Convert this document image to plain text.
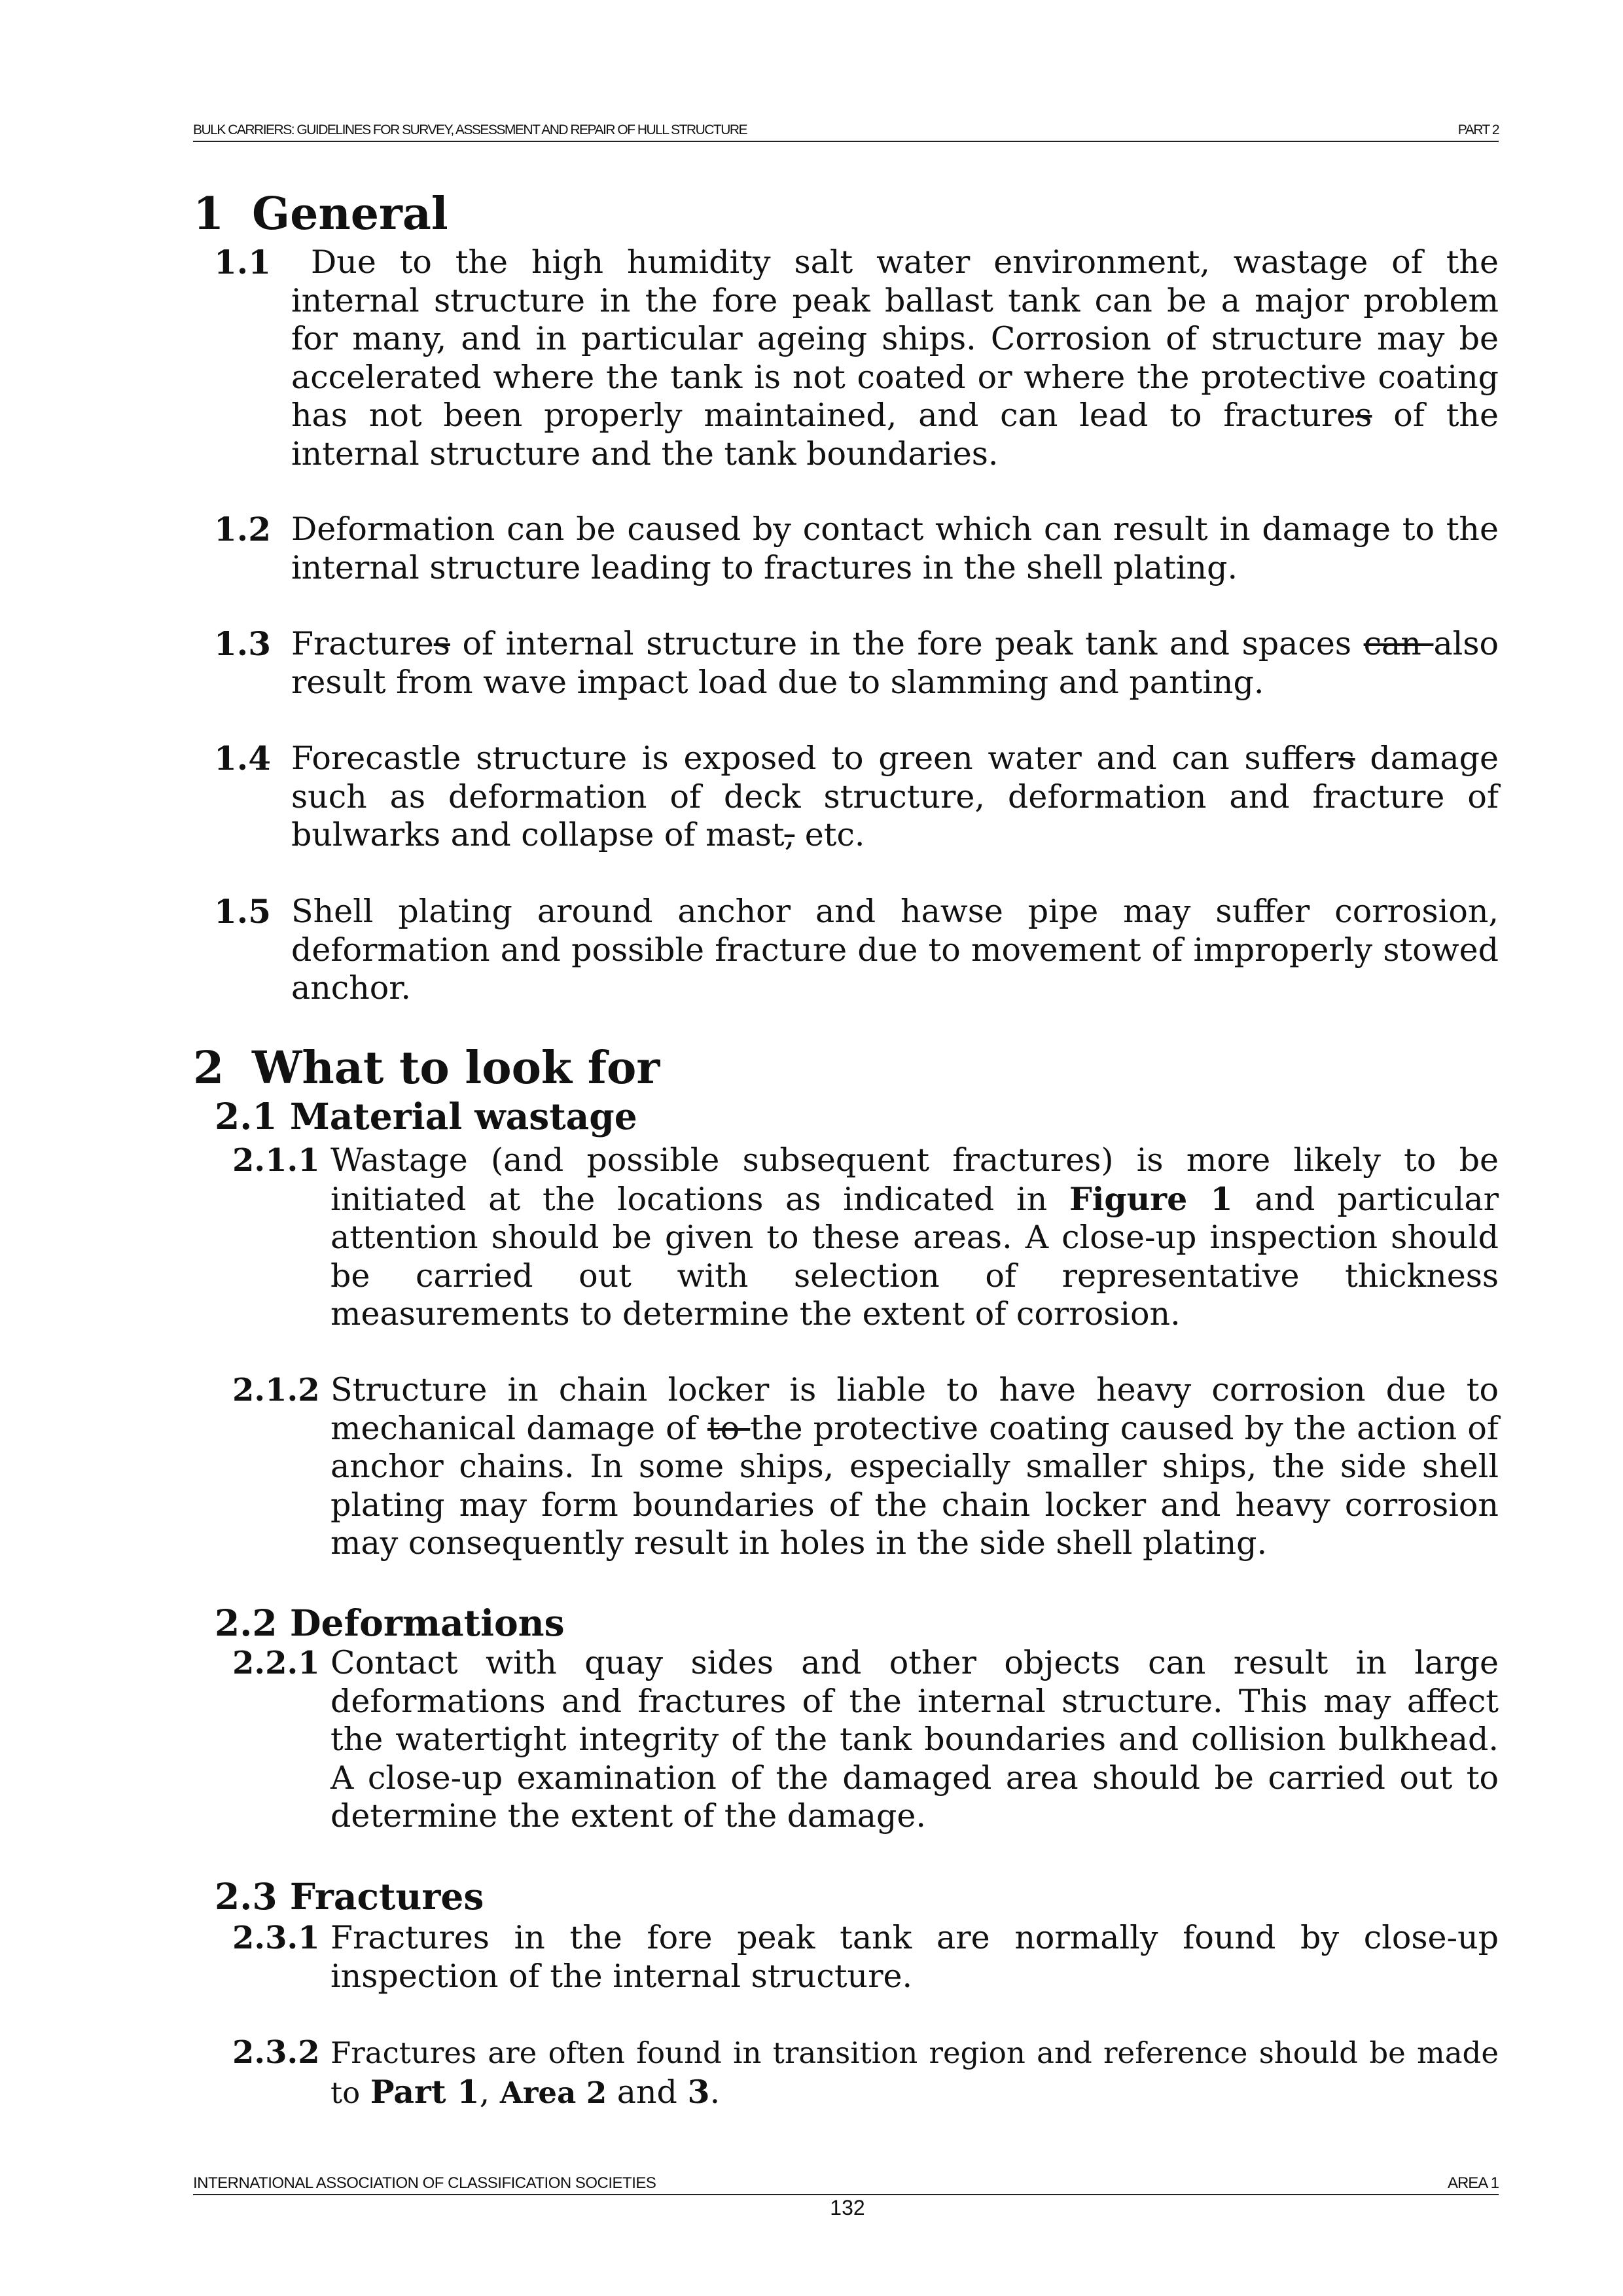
BULK CARRIERS: GUIDELINES FOR SURVEY, ASSESSMENT AND REPAIR OF HULL STRUCTURE	PART 2
1 General
1.1	Due to the high humidity salt water environment, wastage of the internal structure in the fore peak ballast tank can be a major problem for many, and in particular ageing ships. Corrosion of structure may be accelerated where the tank is not coated or where the protective coating has not been properly maintained, and can lead to fractures of the internal structure and the tank boundaries.
1.2 Deformation can be caused by contact which can result in damage to the internal structure leading to fractures in the shell plating.
1.3 Fractures of internal structure in the fore peak tank and spaces can also result from wave impact load due to slamming and panting.
1.4 Forecastle structure is exposed to green water and can suffers damage such as deformation of deck structure, deformation and fracture of bulwarks and collapse of mast, etc.
1.5 Shell plating around anchor and hawse pipe may suffer corrosion, deformation and possible fracture due to movement of improperly stowed anchor.
2 What to look for
2.1 Material wastage
2.1.1 Wastage (and possible subsequent fractures) is more likely to be initiated at the locations as indicated in Figure 1 and particular attention should be given to these areas. A close-up inspection should be carried out with selection of representative thickness measurements to determine the extent of corrosion.
2.1.2 Structure in chain locker is liable to have heavy corrosion due to mechanical damage of to the protective coating caused by the action of anchor chains. In some ships, especially smaller ships, the side shell plating may form boundaries of the chain locker and heavy corrosion may consequently result in holes in the side shell plating.
2.2 Deformations
2.2.1 Contact with quay sides and other objects can result in large deformations and fractures of the internal structure. This may affect the watertight integrity of the tank boundaries and collision bulkhead. A close-up examination of the damaged area should be carried out to determine the extent of the damage.
2.3 Fractures
2.3.1 Fractures in the fore peak tank are normally found by close-up inspection of the internal structure.
2.3.2 Fractures are often found in transition region and reference should be made to Part 1, Area 2 and 3.
INTERNATIONAL ASSOCIATION OF CLASSIFICATION SOCIETIES	AREA 1
132
